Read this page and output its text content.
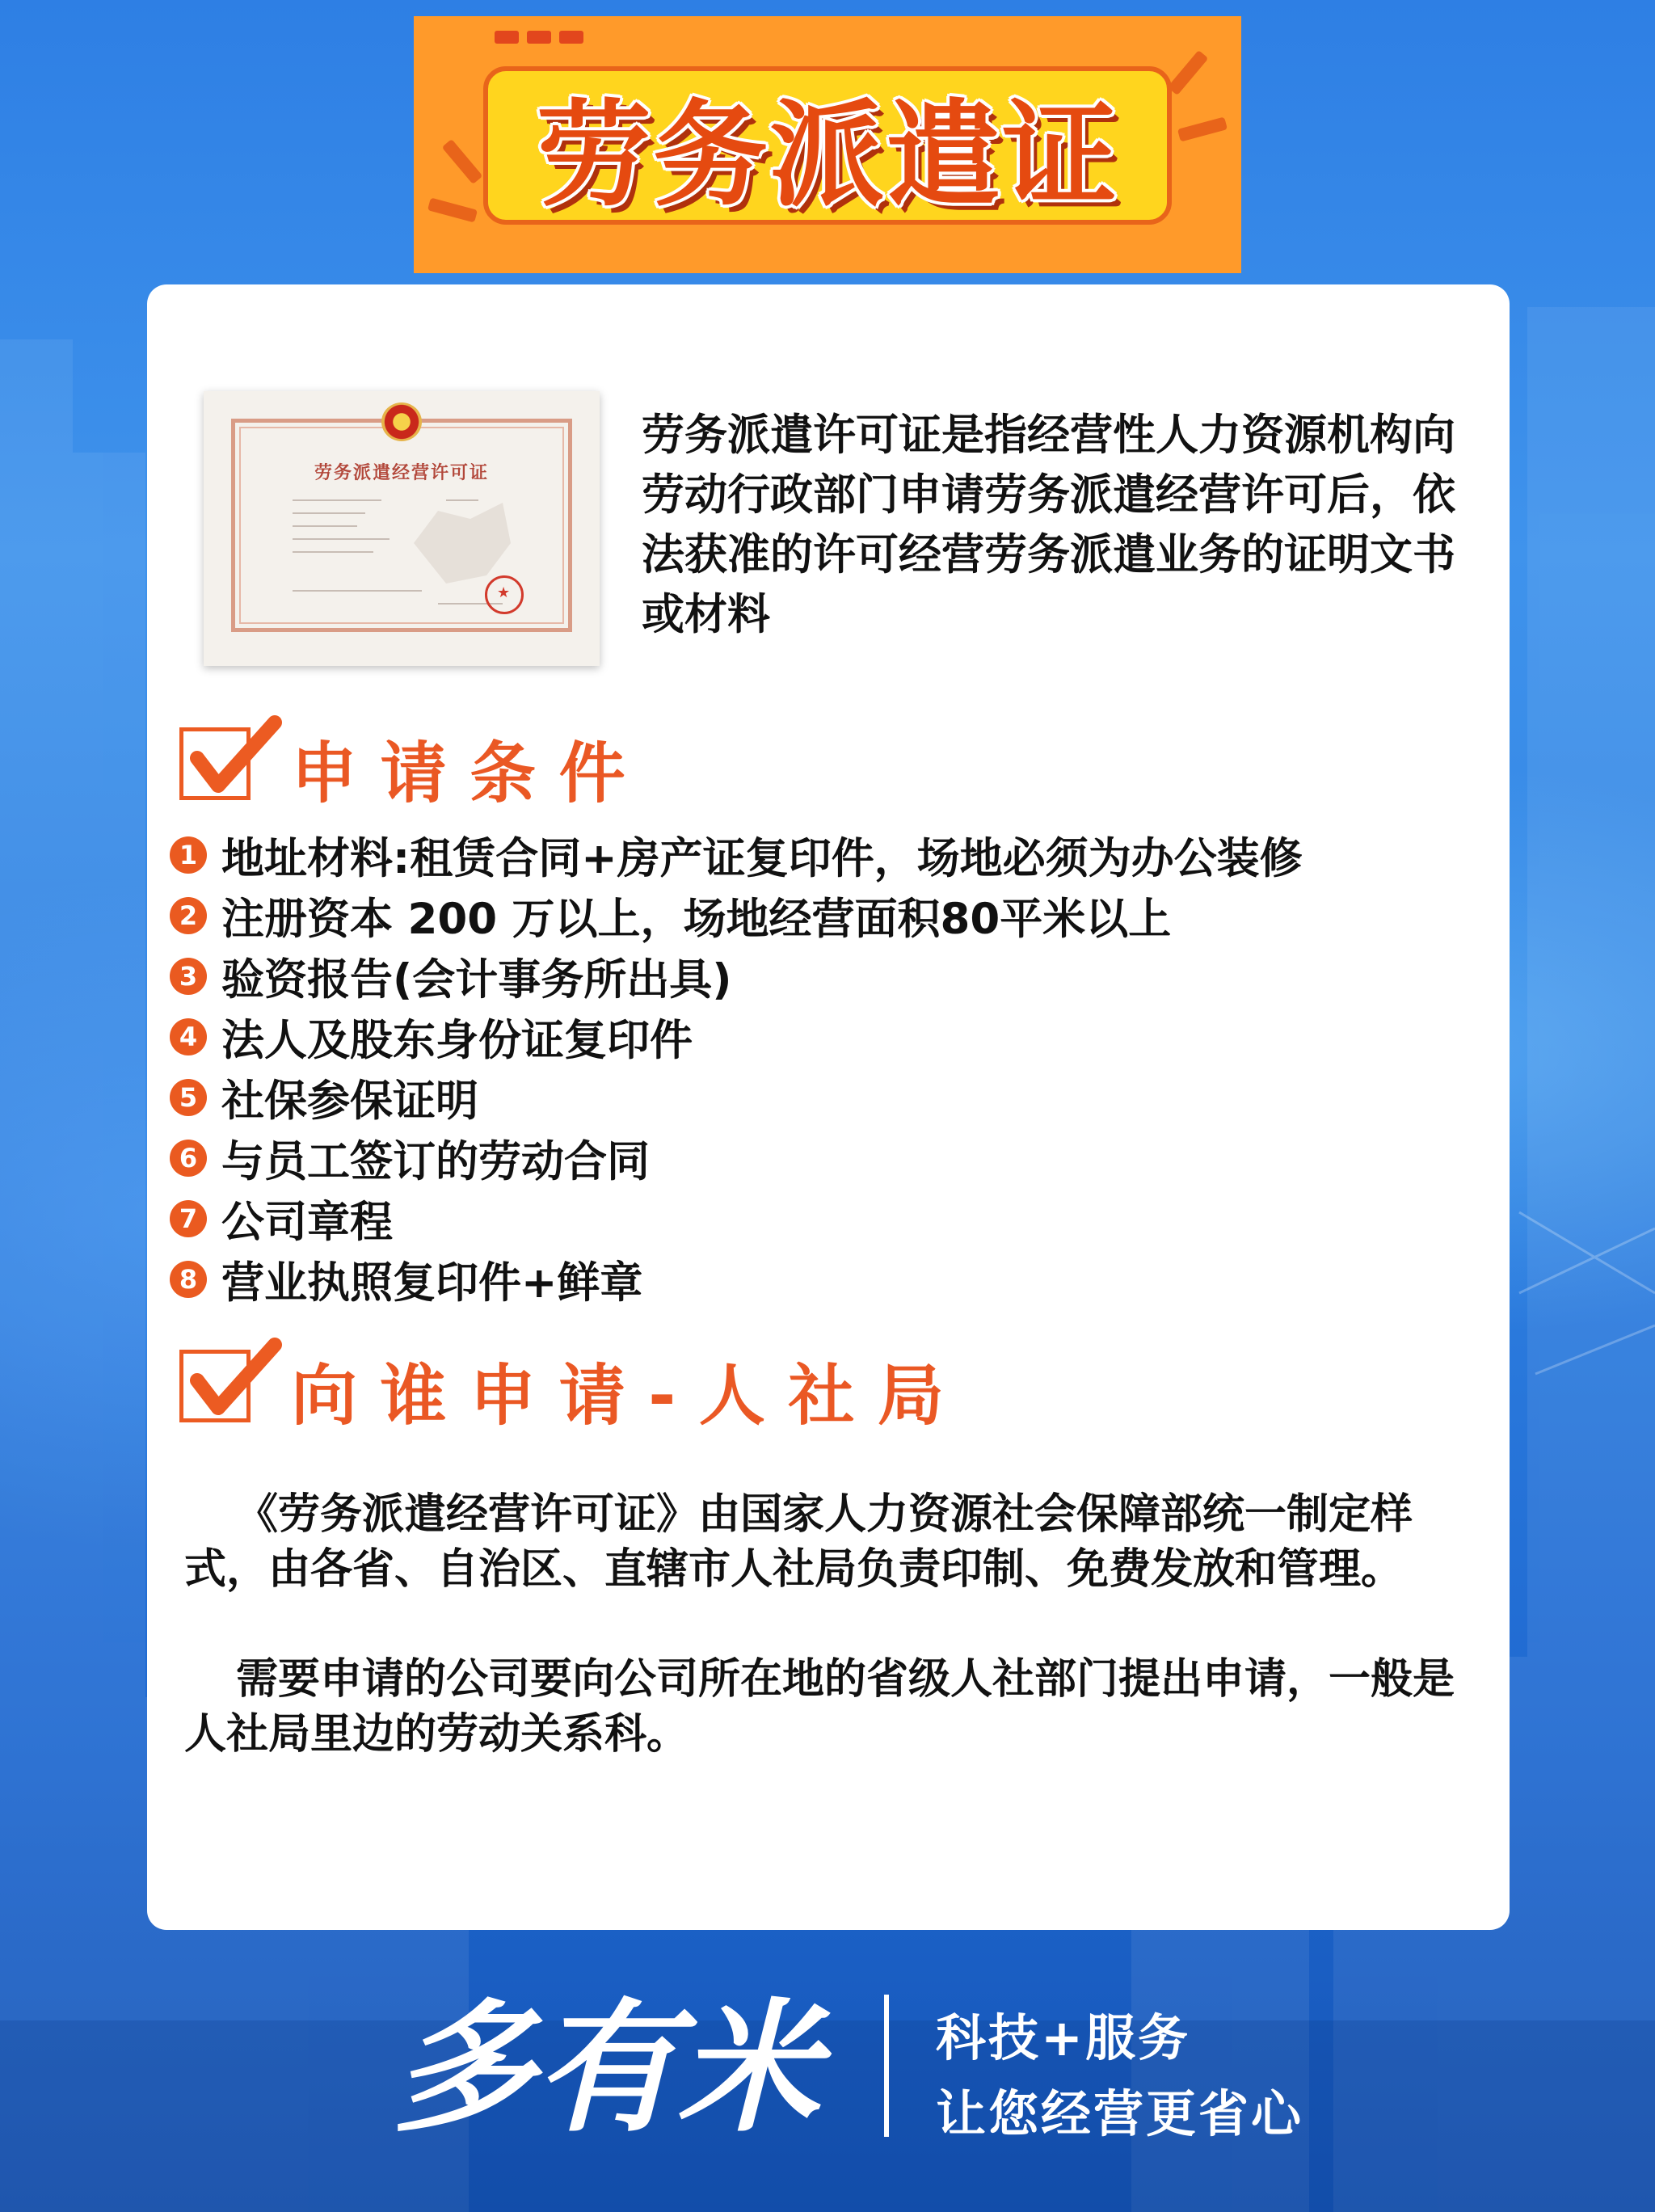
劳务派遣证
劳务派遣经营许可证
★
劳务派遣许可证是指经营性人力资源机构向劳动行政部门申请劳务派遣经营许可后，依法获准的许可经营劳务派遣业务的证明文书或材料
申 请 条 件
1 地址材料:租赁合同+房产证复印件，场地必须为办公装修
2 注册资本 200 万以上，场地经营面积80平米以上
3 验资报告(会计事务所出具)
4 法人及股东身份证复印件
5 社保参保证明
6 与员工签订的劳动合同
7 公司章程
8 营业执照复印件+鲜章
向 谁 申 请 - 人 社 局
《劳务派遣经营许可证》由国家人力资源社会保障部统一制定样式，由各省、自治区、直辖市人社局负责印制、免费发放和管理。
需要申请的公司要向公司所在地的省级人社部门提出申请，一般是人社局里边的劳动关系科。
多有米 科技+服务
让您经营更省心
